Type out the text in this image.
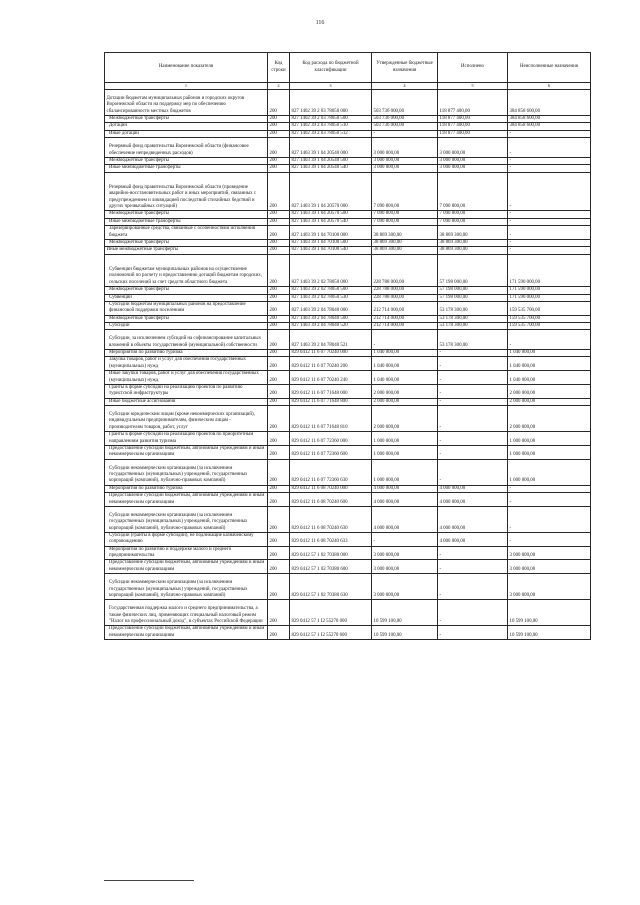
116
Наименование показателя	Код строки	Код расхода по бюджетной классификации	Утвержденные бюджетные назначения	Исполнено	Неисполненные назначения
1	2	3	4	5	6
Дотации бюджетам муниципальных районов и городских округов Воронежской области на поддержку мер по обеспечению сбалансированности местных бюджетов	200	827 1402 39 2 03 78050 000	503 736 000,00	118 877 400,00	384 858 600,00
Межбюджетные трансферты	200	827 1402 39 2 03 78050 500	503 736 000,00	118 877 400,00	384 858 600,00
Дотации	200	827 1402 39 2 03 78050 510	503 736 000,00	118 877 400,00	384 858 600,00
Иные дотации	200	827 1402 39 2 03 78050 512	-	118 877 400,00	-
Резервный фонд правительства Воронежской области (финансовое обеспечение непредвиденных расходов)	200	827 1403 39 1 04 20540 000	3 000 000,00	3 000 000,00	-
Межбюджетные трансферты	200	827 1403 39 1 04 20540 500	3 000 000,00	3 000 000,00	-
Иные межбюджетные трансферты	200	827 1403 39 1 04 20540 540	3 000 000,00	3 000 000,00	-
Резервный фонд правительства Воронежской области (проведение аварийно-восстановительных работ и иных мероприятий, связанных с предупреждением и ликвидацией последствий стихийных бедствий и других чрезвычайных ситуаций)	200	827 1403 39 1 04 20570 000	7 090 800,00	7 090 800,00	-
Межбюджетные трансферты	200	827 1403 39 1 04 20570 500	7 090 800,00	7 090 800,00	-
Иные межбюджетные трансферты	200	827 1403 39 1 04 20570 540	7 090 800,00	7 090 800,00	-
Зарезервированные средства, связанные с особенностями исполнения бюджета	200	827 1403 39 1 04 70100 000	38 869 300,00	38 869 300,00	-
Межбюджетные трансферты	200	827 1403 39 1 04 70100 500	38 869 300,00	38 869 300,00	-
Иные межбюджетные трансферты	200	827 1403 39 1 04 70100 540	38 869 300,00	38 869 300,00	-
Субвенции бюджетам муниципальных районов на осуществление полномочий по расчету и предоставлению дотаций бюджетам городских, сельских поселений за счет средств областного бюджета	200	827 1403 39 2 02 78050 000	228 788 000,00	57 198 000,00	171 590 000,00
Межбюджетные трансферты	200	827 1403 39 2 02 78050 500	228 788 000,00	57 198 000,00	171 590 000,00
Субвенции	200	827 1403 39 2 02 78050 530	228 788 000,00	57 198 000,00	171 590 000,00
Субсидии бюджетам муниципальных районов на предоставление финансовой поддержки поселениям	200	827 1403 39 2 04 78040 000	212 714 000,00	53 178 300,00	159 535 700,00
Межбюджетные трансферты	200	827 1403 39 2 04 78040 500	212 714 000,00	53 178 300,00	159 535 700,00
Субсидии	200	827 1403 39 2 04 78040 520	212 714 000,00	53 178 300,00	159 535 700,00
Субсидии, за исключением субсидий на софинансирование капитальных вложений в объекты государственной (муниципальной) собственности	200	827 1403 39 2 04 78040 521	-	53 178 300,00	-
Мероприятия по развитию туризма	200	829 0412 11 6 07 70240 000	1 040 000,00	-	1 040 000,00
Закупка товаров, работ и услуг для обеспечения государственных (муниципальных) нужд	200	829 0412 11 6 07 70240 200	1 040 000,00	-	1 040 000,00
Иные закупки товаров, работ и услуг для обеспечения государственных (муниципальных) нужд	200	829 0412 11 6 07 70240 240	1 040 000,00	-	1 040 000,00
Гранты в форме субсидий на реализацию проектов по развитию туристской инфраструктуры	200	829 0412 11 6 07 71648 000	2 000 000,00	-	2 000 000,00
Иные бюджетные ассигнования	200	829 0412 11 6 07 71648 800	2 000 000,00	-	2 000 000,00
Субсидии юридическим лицам (кроме некоммерческих организаций), индивидуальным предпринимателям, физическим лицам - производителям товаров, работ, услуг	200	829 0412 11 6 07 71648 810	2 000 000,00	-	2 000 000,00
Гранты в форме субсидий на реализацию проектов по приоритетным направлениям развития туризма	200	829 0412 11 6 07 72360 000	1 000 000,00	-	1 000 000,00
Предоставление субсидий бюджетным, автономным учреждениям и иным некоммерческим организациям	200	829 0412 11 6 07 72360 600	1 000 000,00	-	1 000 000,00
Субсидии некоммерческим организациям (за исключением государственных (муниципальных) учреждений, государственных корпораций (компаний), публично-правовых компаний)	200	829 0412 11 6 07 72360 630	1 000 000,00	-	1 000 000,00
Мероприятия по развитию туризма	200	829 0412 11 6 08 70240 000	4 000 000,00	4 000 000,00	-
Предоставление субсидий бюджетным, автономным учреждениям и иным некоммерческим организациям	200	829 0412 11 6 08 70240 600	4 000 000,00	4 000 000,00	-
Субсидии некоммерческим организациям (за исключением государственных (муниципальных) учреждений, государственных корпораций (компаний), публично-правовых компаний)	200	829 0412 11 6 08 70240 630	4 000 000,00	4 000 000,00	-
Субсидии (гранты в форме субсидий), не подлежащие казначейскому сопровождению	200	829 0412 11 6 08 70240 633	-	4 000 000,00	-
Мероприятия по развитию и поддержке малого и среднего предпринимательства	200	829 0412 57 1 02 70380 000	3 000 000,00	-	3 000 000,00
Предоставление субсидий бюджетным, автономным учреждениям и иным некоммерческим организациям	200	829 0412 57 1 02 70380 600	3 000 000,00	-	3 000 000,00
Субсидии некоммерческим организациям (за исключением государственных (муниципальных) учреждений, государственных корпораций (компаний), публично-правовых компаний)	200	829 0412 57 1 02 70380 630	3 000 000,00	-	3 000 000,00
Государственная поддержка малого и среднего предпринимательства, а также физических лиц, применяющих специальный налоговый режим "Налог на профессиональный доход", в субъектах Российской Федерации	200	829 0412 57 1 I2 55270 000	10 599 100,00	-	10 599 100,00
Предоставление субсидий бюджетным, автономным учреждениям и иным некоммерческим организациям	200	829 0412 57 1 I2 55270 600	10 599 100,00	-	10 599 100,00
